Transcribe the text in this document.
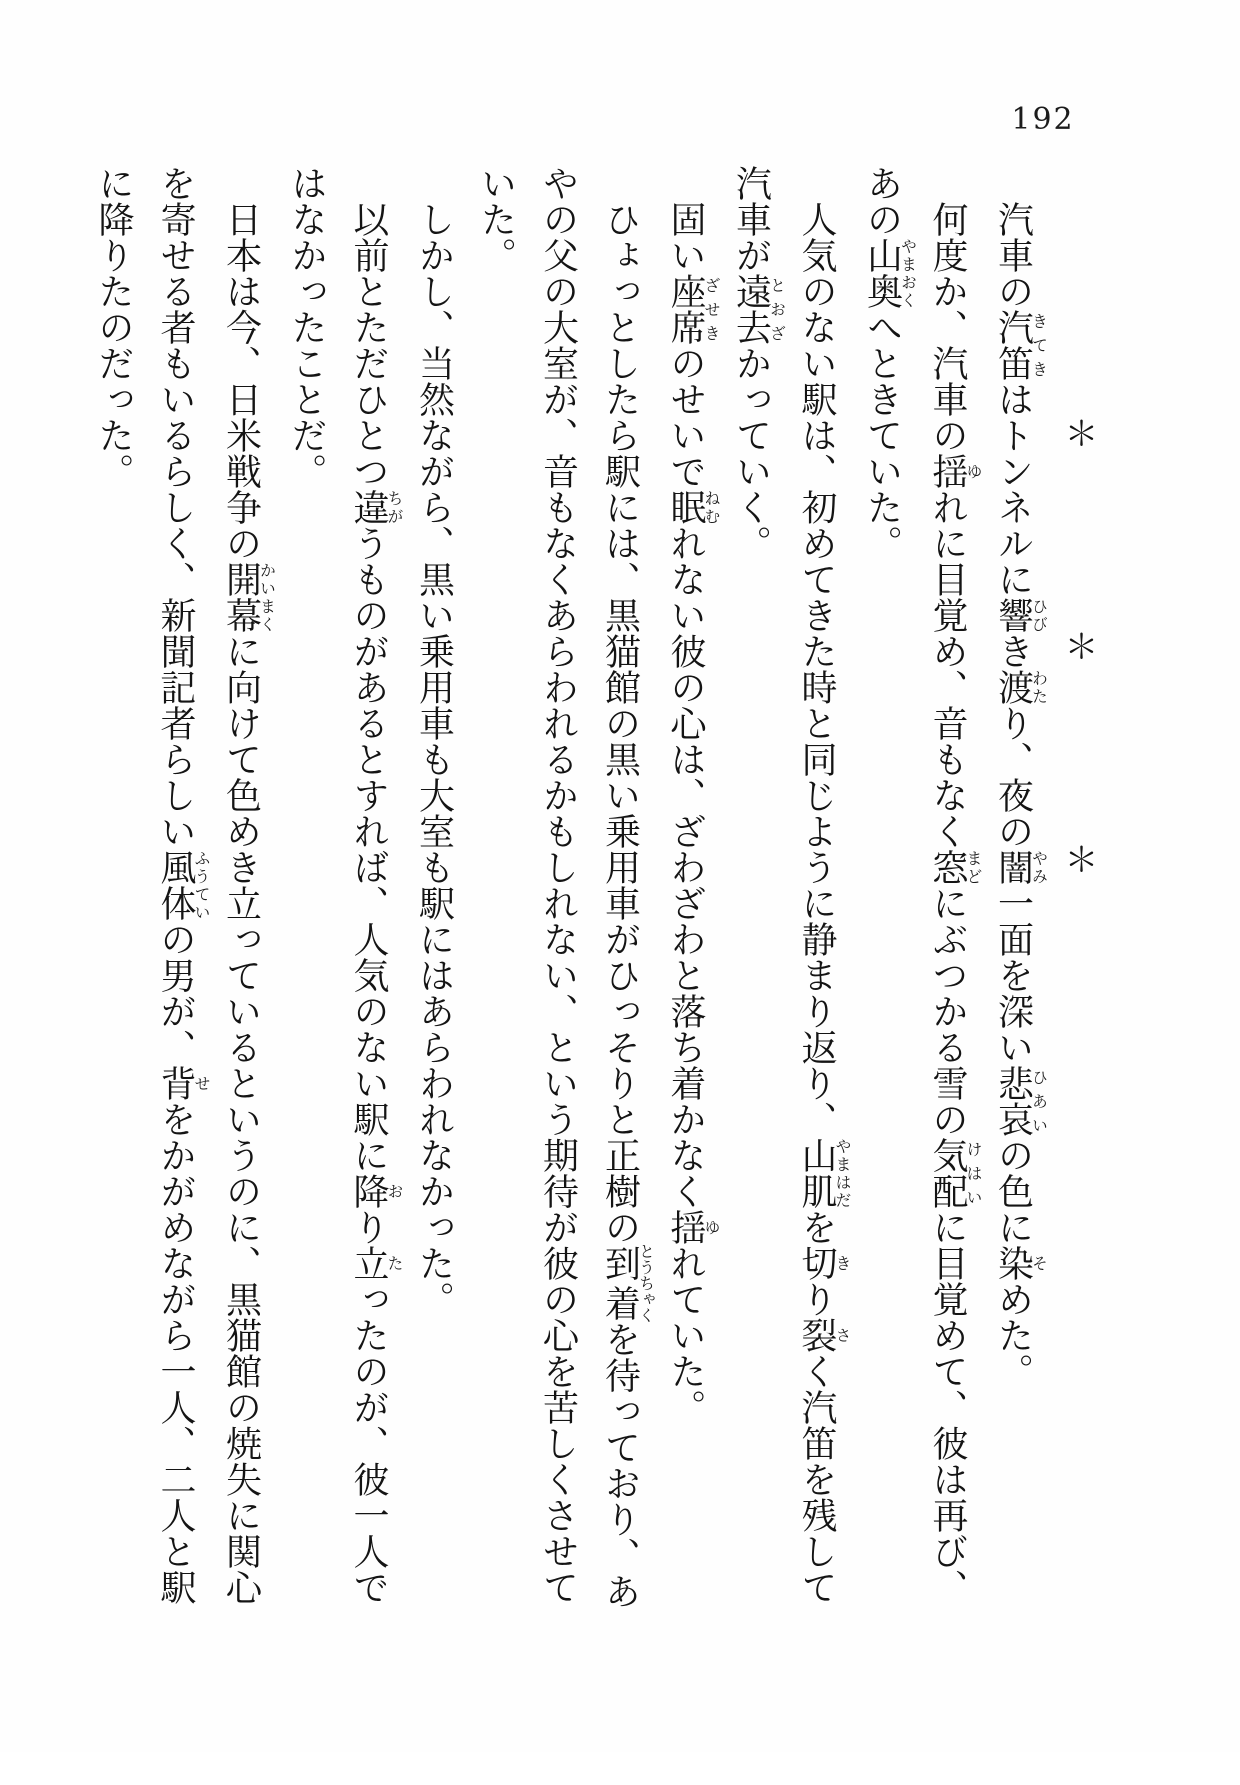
192
＊＊＊
汽車の汽笛きてきはトンネルに響ひびき渡わたり、夜の闇やみ一面を深い悲哀ひあいの色に染そめた。
何度か、汽車の揺ゆれに目覚め、音もなく窓まどにぶつかる雪の気配けはいに目覚めて、彼は再び、
あの山奥やまおくへときていた。
人気のない駅は、初めてきた時と同じように静まり返り、山肌やまはだを切きり裂さく汽笛を残して
汽車が遠去とおざかっていく。
固い座席ざせきのせいで眠ねむれない彼の心は、ざわざわと落ち着かなく揺ゆれていた。
ひょっとしたら駅には、黒猫館の黒い乗用車がひっそりと正樹の到着とうちゃくを待っており、あ
やの父の大室が、音もなくあらわれるかもしれない、という期待が彼の心を苦しくさせて
いた。
しかし、当然ながら、黒い乗用車も大室も駅にはあらわれなかった。
以前とただひとつ違ちがうものがあるとすれば、人気のない駅に降おり立たったのが、彼一人で
はなかったことだ。
日本は今、日米戦争の開幕かいまくに向けて色めき立っているというのに、黒猫館の焼失に関心
を寄せる者もいるらしく、新聞記者らしい風体ふうていの男が、背せをかがめながら一人、二人と駅
に降りたのだった。
